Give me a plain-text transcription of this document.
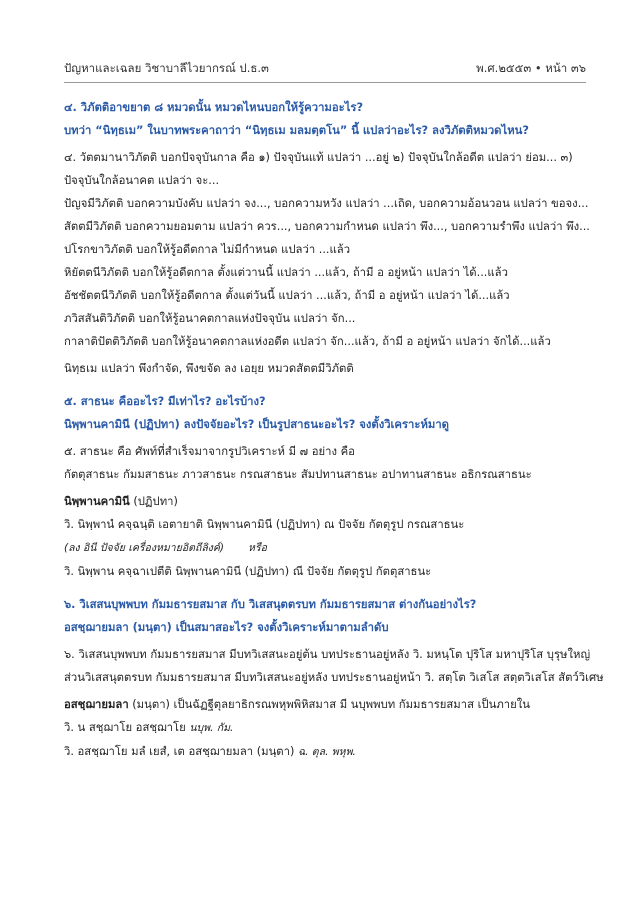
ปัญหาและเฉลย วิชาบาลีไวยากรณ์ ป.ธ.๓	พ.ศ.๒๕๕๓ • หน้า ๓๖

๔. วิภัตติอาขยาต ๘ หมวดนั้น หมวดไหนบอกให้รู้ความอะไร?

บทว่า “นิทฺธเม” ในบาทพระคาถาว่า “นิทฺธเม มลมตฺตโน” นี้ แปลว่าอะไร? ลงวิภัตติหมวดไหน?

๔. วัตตมานาวิภัตติ บอกปัจจุบันกาล คือ ๑) ปัจจุบันแท้ แปลว่า ...อยู่ ๒) ปัจจุบันใกล้อดีต แปลว่า ย่อม... ๓)

ปัจจุบันใกล้อนาคต แปลว่า จะ...

ปัญจมีวิภัตติ บอกความบังคับ แปลว่า จง..., บอกความหวัง แปลว่า ...เถิด, บอกความอ้อนวอน แปลว่า ขอจง...

สัตตมีวิภัตติ บอกความยอมตาม แปลว่า ควร..., บอกความกำหนด แปลว่า พึง..., บอกความรำพึง แปลว่า พึง...

ปโรกขาวิภัตติ บอกให้รู้อดีตกาล ไม่มีกำหนด แปลว่า ...แล้ว

หิยัตตนีวิภัตติ บอกให้รู้อดีตกาล ตั้งแต่วานนี้ แปลว่า ...แล้ว, ถ้ามี อ อยู่หน้า แปลว่า ได้...แล้ว

อัชชัตตนีวิภัตติ บอกให้รู้อดีตกาล ตั้งแต่วันนี้ แปลว่า ...แล้ว, ถ้ามี อ อยู่หน้า แปลว่า ได้...แล้ว

ภวิสสันติวิภัตติ บอกให้รู้อนาคตกาลแห่งปัจจุบัน แปลว่า จัก...

กาลาติปัตติวิภัตติ บอกให้รู้อนาคตกาลแห่งอดีต แปลว่า จัก...แล้ว, ถ้ามี อ อยู่หน้า แปลว่า จักได้...แล้ว

นิทฺธเม แปลว่า พึงกำจัด, พึงขจัด ลง เอยฺย หมวดสัตตมีวิภัตติ

๕. สาธนะ คืออะไร? มีเท่าไร? อะไรบ้าง?

นิพฺพานคามินี (ปฏิปทา) ลงปัจจัยอะไร? เป็นรูปสาธนะอะไร? จงตั้งวิเคราะห์มาดู

๕. สาธนะ คือ ศัพท์ที่สำเร็จมาจากรูปวิเคราะห์ มี ๗ อย่าง คือ

กัตตุสาธนะ กัมมสาธนะ ภาวสาธนะ กรณสาธนะ สัมปทานสาธนะ อปาทานสาธนะ อธิกรณสาธนะ

นิพฺพานคามินี (ปฏิปทา)

วิ. นิพฺพานํ คจฺฉนฺติ เอตายาติ นิพฺพานคามินี (ปฏิปทา) ณ ปัจจัย กัตตุรูป กรณสาธนะ

(ลง อินี ปัจจัย เครื่องหมายอิตถีลิงค์) หรือ

วิ. นิพฺพาน คจฺฉาเปตีติ นิพฺพานคามินี (ปฏิปทา) ณี ปัจจัย กัตตุรูป กัตตุสาธนะ

๖. วิเสสนบุพพบท กัมมธารยสมาส กับ วิเสสนุตตรบท กัมมธารยสมาส ต่างกันอย่างไร?

อสชฺฌายมลา (มนฺตา) เป็นสมาสอะไร? จงตั้งวิเคราะห์มาตามลำดับ

๖. วิเสสนบุพพบท กัมมธารยสมาส มีบทวิเสสนะอยู่ต้น บทประธานอยู่หลัง วิ. มหนฺโต ปุริโส มหาปุริโส บุรุษใหญ่

ส่วนวิเสสนุตตรบท กัมมธารยสมาส มีบทวิเสสนะอยู่หลัง บทประธานอยู่หน้า วิ. สตฺโต วิเสโส สตฺตวิเสโส สัตว์วิเศษ

อสชฺฌายมลา (มนฺตา) เป็นฉัฏฐีตุลยาธิกรณพหุพพิหิสมาส มี นบุพพบท กัมมธารยสมาส เป็นภายใน

วิ. น สชฺฌาโย อสชฺฌาโย นบุพ. กัม.

วิ. อสชฺฌาโย มลํ เยสํ, เต อสชฺฌายมลา (มนฺตา) ฉ. ตุล. พหุพ.
